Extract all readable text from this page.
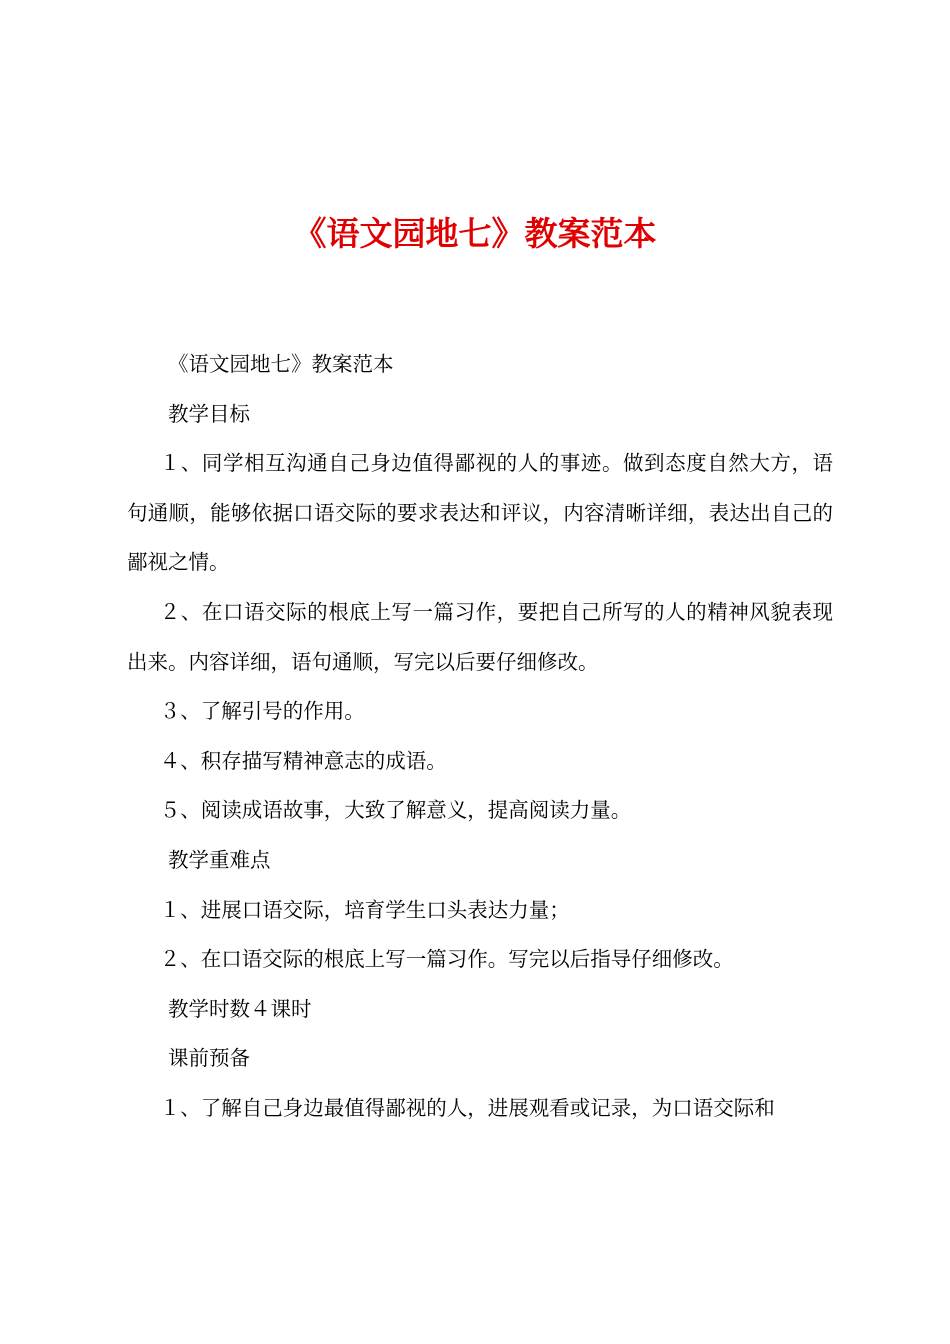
《语文园地七》教案范本

《语文园地七》教案范本

教学目标

１、同学相互沟通自己身边值得鄙视的人的事迹。做到态度自然大方，语句通顺，能够依据口语交际的要求表达和评议，内容清晰详细，表达出自己的鄙视之情。

２、在口语交际的根底上写一篇习作，要把自己所写的人的精神风貌表现出来。内容详细，语句通顺，写完以后要仔细修改。

３、了解引号的作用。

４、积存描写精神意志的成语。

５、阅读成语故事，大致了解意义，提高阅读力量。

教学重难点

１、进展口语交际，培育学生口头表达力量；

２、在口语交际的根底上写一篇习作。写完以后指导仔细修改。

教学时数４课时

课前预备

１、了解自己身边最值得鄙视的人，进展观看或记录，为口语交际和
